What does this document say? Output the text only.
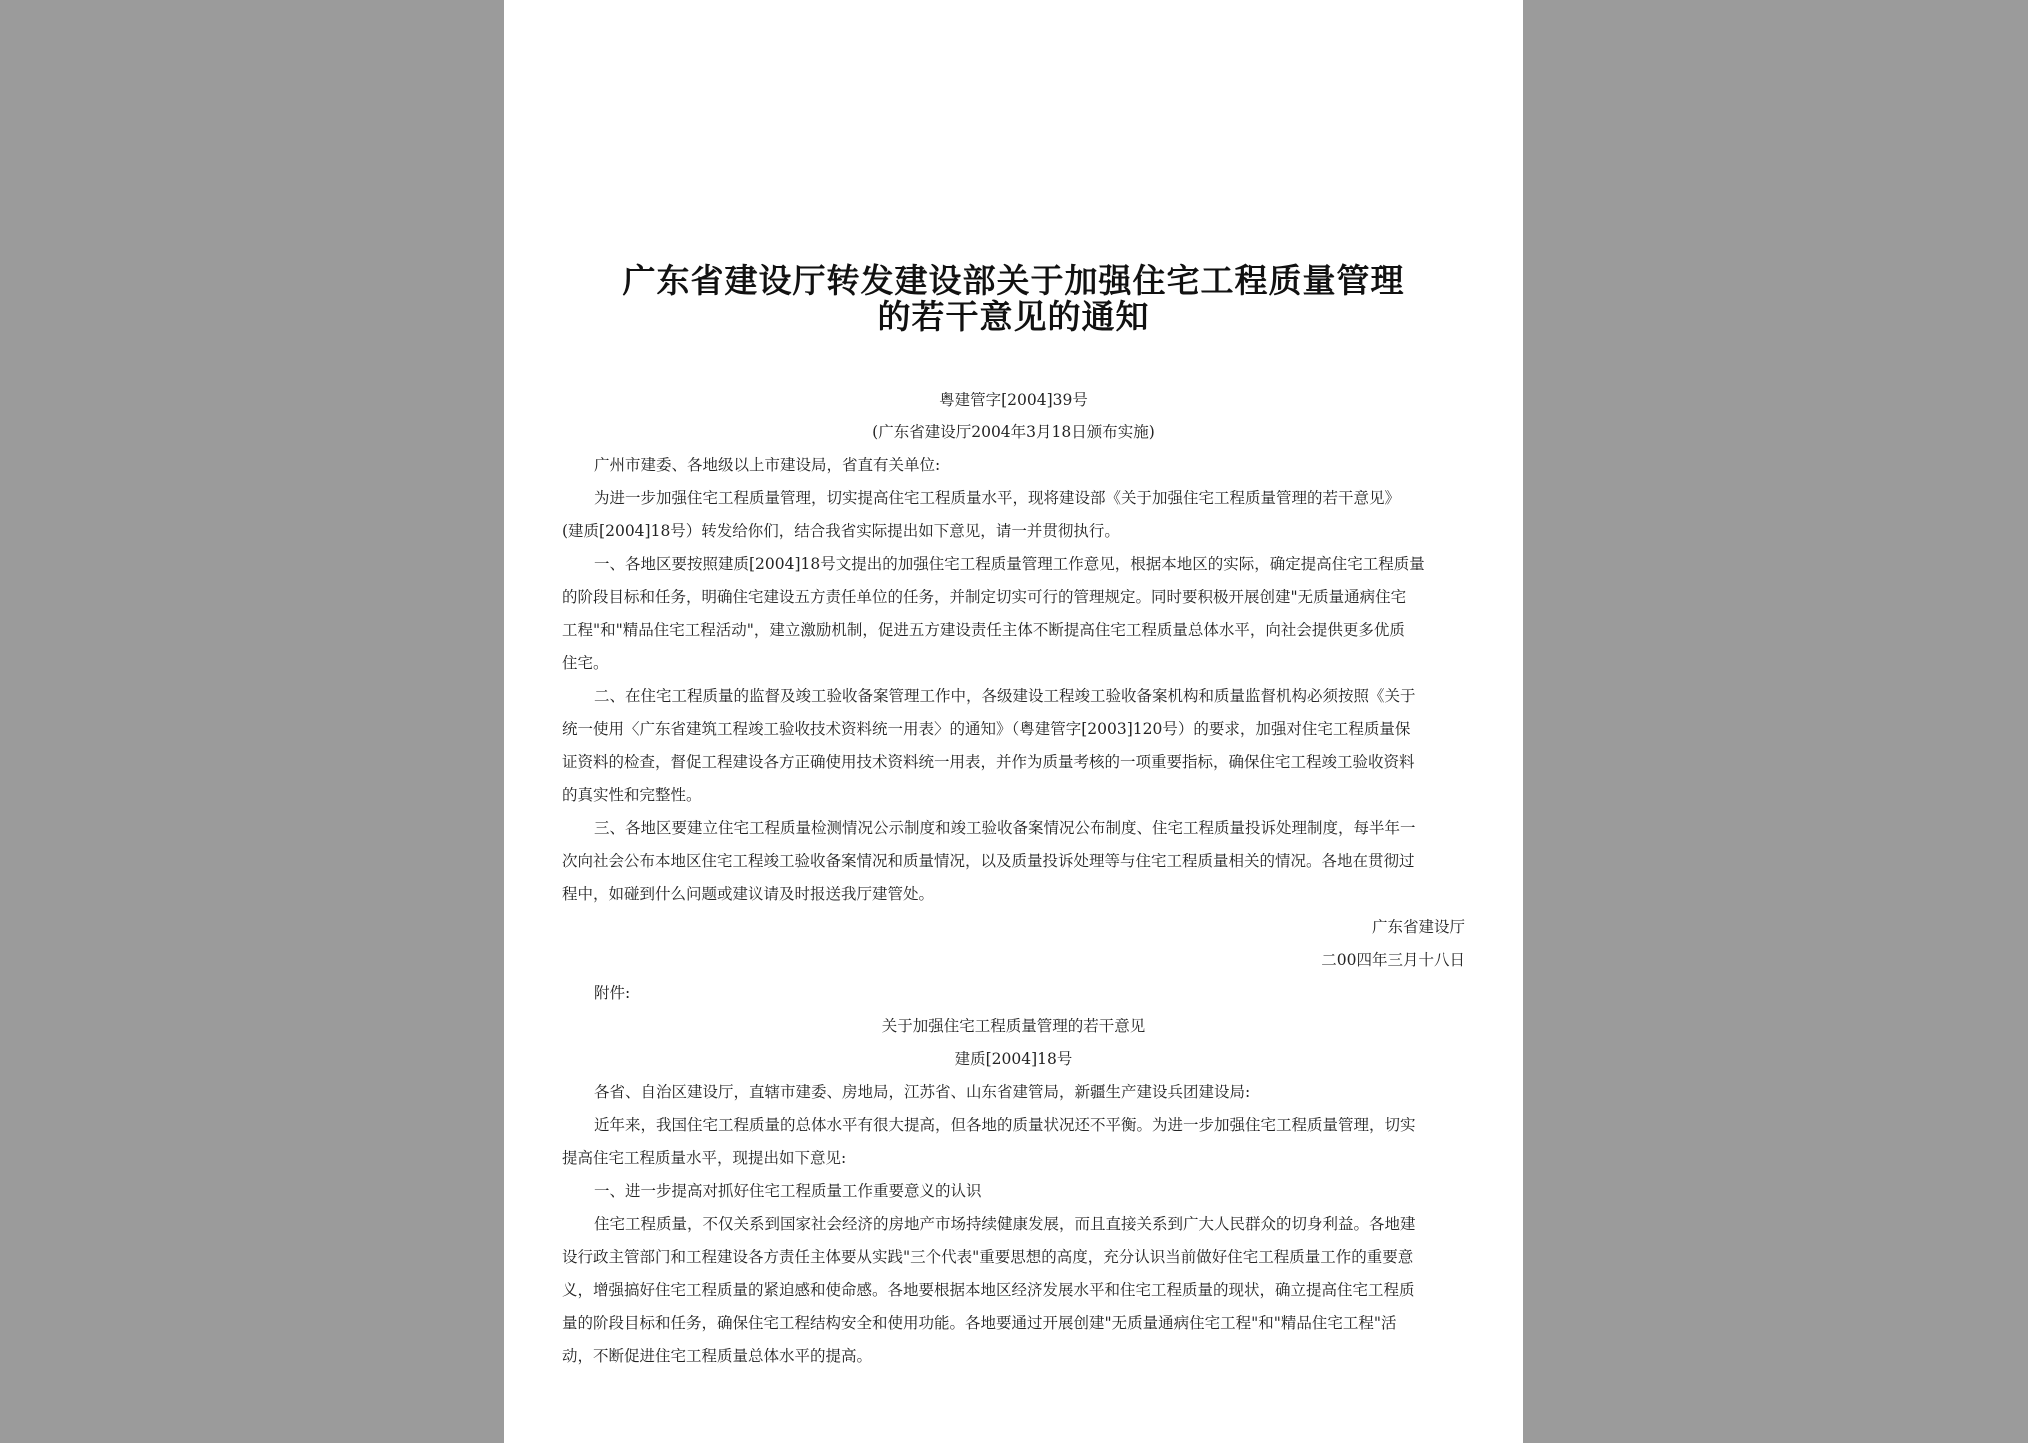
广东省建设厅转发建设部关于加强住宅工程质量管理
的若干意见的通知
粤建管字[2004]39号
(广东省建设厅2004年3月18日颁布实施)
广州市建委、各地级以上市建设局，省直有关单位:
为进一步加强住宅工程质量管理，切实提高住宅工程质量水平，现将建设部《关于加强住宅工程质量管理的若干意见》
(建质[2004]18号）转发给你们，结合我省实际提出如下意见，请一并贯彻执行。
一、各地区要按照建质[2004]18号文提出的加强住宅工程质量管理工作意见，根据本地区的实际，确定提高住宅工程质量
的阶段目标和任务，明确住宅建设五方责任单位的任务，并制定切实可行的管理规定。同时要积极开展创建"无质量通病住宅
工程"和"精品住宅工程活动"，建立激励机制，促进五方建设责任主体不断提高住宅工程质量总体水平，向社会提供更多优质
住宅。
二、在住宅工程质量的监督及竣工验收备案管理工作中，各级建设工程竣工验收备案机构和质量监督机构必须按照《关于
统一使用〈广东省建筑工程竣工验收技术资料统一用表〉的通知》（粤建管字[2003]120号）的要求，加强对住宅工程质量保
证资料的检查，督促工程建设各方正确使用技术资料统一用表，并作为质量考核的一项重要指标，确保住宅工程竣工验收资料
的真实性和完整性。
三、各地区要建立住宅工程质量检测情况公示制度和竣工验收备案情况公布制度、住宅工程质量投诉处理制度，每半年一
次向社会公布本地区住宅工程竣工验收备案情况和质量情况，以及质量投诉处理等与住宅工程质量相关的情况。各地在贯彻过
程中，如碰到什么问题或建议请及时报送我厅建管处。
广东省建设厅
二00四年三月十八日
附件:
关于加强住宅工程质量管理的若干意见
建质[2004]18号
各省、自治区建设厅，直辖市建委、房地局，江苏省、山东省建管局，新疆生产建设兵团建设局:
近年来，我国住宅工程质量的总体水平有很大提高，但各地的质量状况还不平衡。为进一步加强住宅工程质量管理，切实
提高住宅工程质量水平，现提出如下意见:
一、进一步提高对抓好住宅工程质量工作重要意义的认识
住宅工程质量，不仅关系到国家社会经济的房地产市场持续健康发展，而且直接关系到广大人民群众的切身利益。各地建
设行政主管部门和工程建设各方责任主体要从实践"三个代表"重要思想的高度，充分认识当前做好住宅工程质量工作的重要意
义，增强搞好住宅工程质量的紧迫感和使命感。各地要根据本地区经济发展水平和住宅工程质量的现状，确立提高住宅工程质
量的阶段目标和任务，确保住宅工程结构安全和使用功能。各地要通过开展创建"无质量通病住宅工程"和"精品住宅工程"活
动，不断促进住宅工程质量总体水平的提高。
